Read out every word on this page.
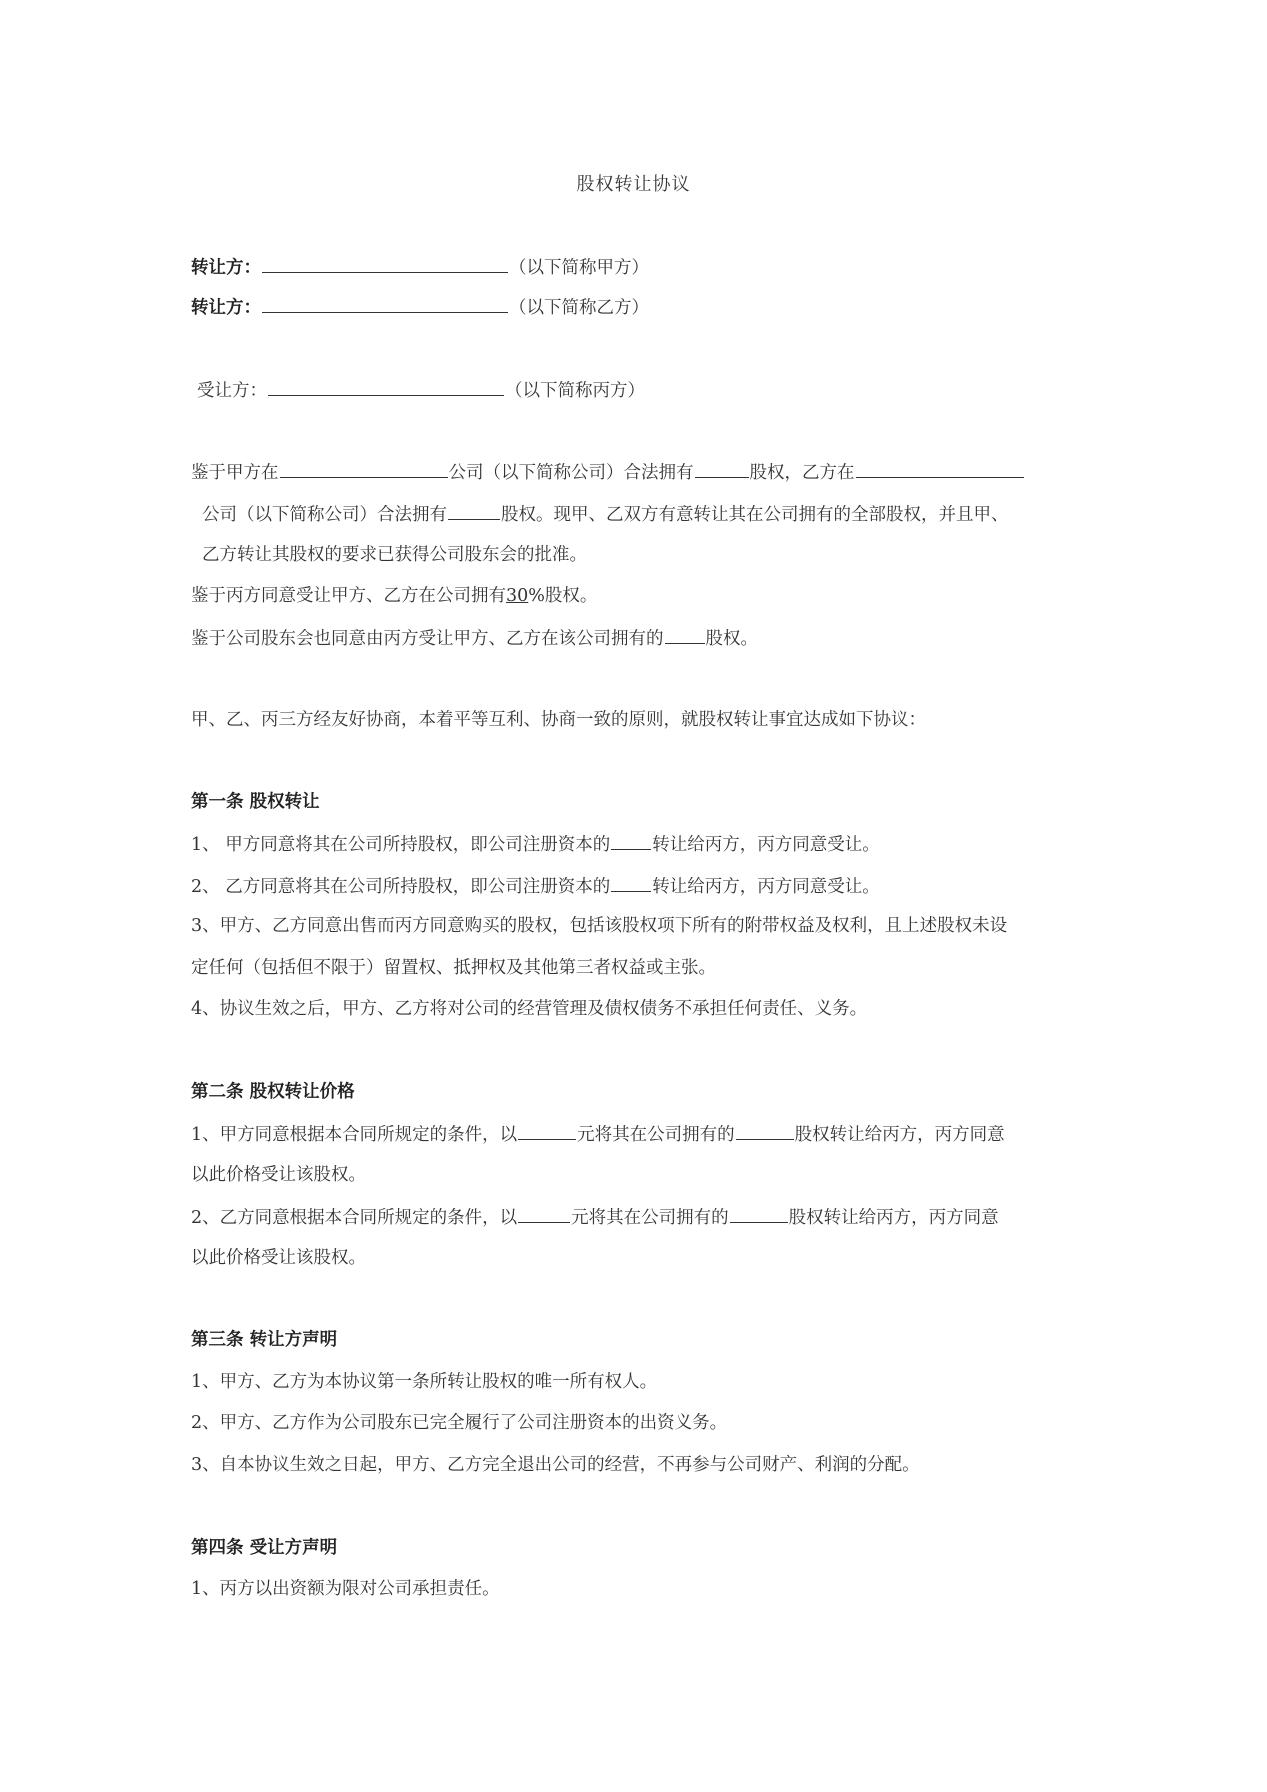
股权转让协议
转让方：	（以下简称甲方）
转让方：	（以下简称乙方）
受让方：	（以下简称丙方）
鉴于甲方在	公司（以下简称公司）合法拥有	股权，乙方在
公司（以下简称公司）合法拥有	股权。现甲、乙双方有意转让其在公司拥有的全部股权，并且甲、
乙方转让其股权的要求已获得公司股东会的批准。
鉴于丙方同意受让甲方、乙方在公司拥有30%股权。
鉴于公司股东会也同意由丙方受让甲方、乙方在该公司拥有的 股权。
甲、乙、丙三方经友好协商，本着平等互利、协商一致的原则，就股权转让事宜达成如下协议：
第一条 股权转让
1、 甲方同意将其在公司所持股权，即公司注册资本的 转让给丙方，丙方同意受让。
2、 乙方同意将其在公司所持股权，即公司注册资本的 转让给丙方，丙方同意受让。
3、甲方、乙方同意出售而丙方同意购买的股权，包括该股权项下所有的附带权益及权利，且上述股权未设
定任何（包括但不限于）留置权、抵押权及其他第三者权益或主张。
4、协议生效之后，甲方、乙方将对公司的经营管理及债权债务不承担任何责任、义务。
第二条 股权转让价格
1、甲方同意根据本合同所规定的条件，以	元将其在公司拥有的	股权转让给丙方，丙方同意
以此价格受让该股权。
2、乙方同意根据本合同所规定的条件，以	元将其在公司拥有的	股权转让给丙方，丙方同意
以此价格受让该股权。
第三条 转让方声明
1、甲方、乙方为本协议第一条所转让股权的唯一所有权人。
2、甲方、乙方作为公司股东已完全履行了公司注册资本的出资义务。
3、自本协议生效之日起，甲方、乙方完全退出公司的经营，不再参与公司财产、利润的分配。
第四条 受让方声明
1、丙方以出资额为限对公司承担责任。
